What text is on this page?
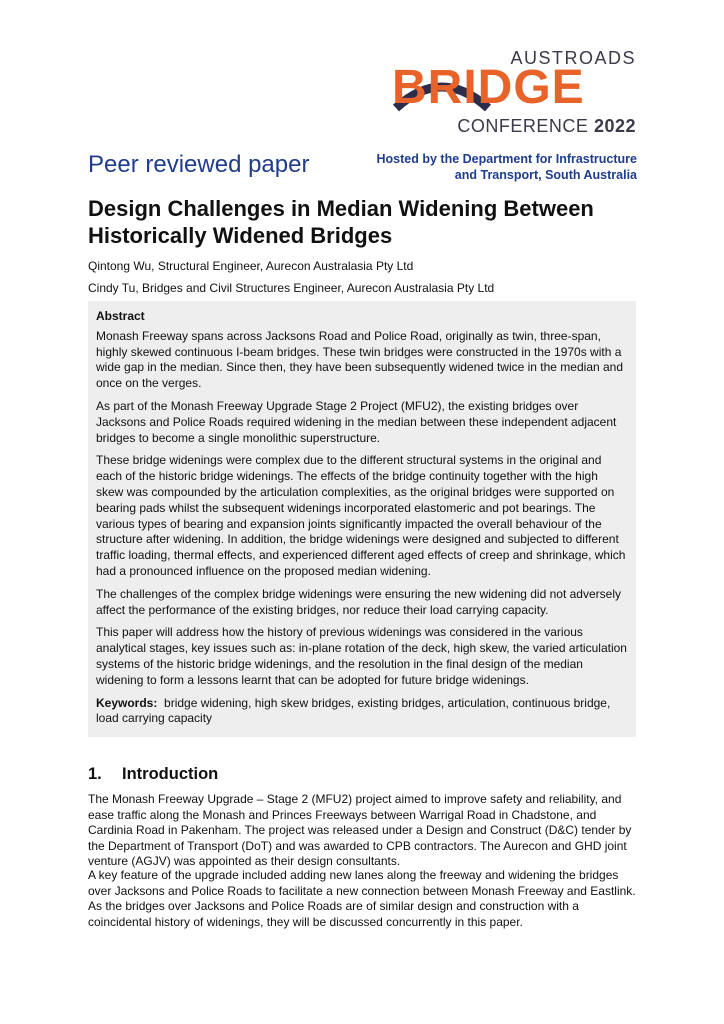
AUSTROADS
BRIDGE
CONFERENCE 2022
Peer reviewed paper	Hosted by the Department for Infrastructure
and Transport, South Australia
Design Challenges in Median Widening Between Historically Widened Bridges
Qintong Wu, Structural Engineer, Aurecon Australasia Pty Ltd
Cindy Tu, Bridges and Civil Structures Engineer, Aurecon Australasia Pty Ltd
Abstract

Monash Freeway spans across Jacksons Road and Police Road, originally as twin, three-span, highly skewed continuous I-beam bridges. These twin bridges were constructed in the 1970s with a wide gap in the median. Since then, they have been subsequently widened twice in the median and once on the verges.

As part of the Monash Freeway Upgrade Stage 2 Project (MFU2), the existing bridges over Jacksons and Police Roads required widening in the median between these independent adjacent bridges to become a single monolithic superstructure.

These bridge widenings were complex due to the different structural systems in the original and each of the historic bridge widenings. The effects of the bridge continuity together with the high skew was compounded by the articulation complexities, as the original bridges were supported on bearing pads whilst the subsequent widenings incorporated elastomeric and pot bearings. The various types of bearing and expansion joints significantly impacted the overall behaviour of the structure after widening. In addition, the bridge widenings were designed and subjected to different traffic loading, thermal effects, and experienced different aged effects of creep and shrinkage, which had a pronounced influence on the proposed median widening.

The challenges of the complex bridge widenings were ensuring the new widening did not adversely affect the performance of the existing bridges, nor reduce their load carrying capacity.

This paper will address how the history of previous widenings was considered in the various analytical stages, key issues such as: in-plane rotation of the deck, high skew, the varied articulation systems of the historic bridge widenings, and the resolution in the final design of the median widening to form a lessons learnt that can be adopted for future bridge widenings.

Keywords: bridge widening, high skew bridges, existing bridges, articulation, continuous bridge, load carrying capacity

1. Introduction

The Monash Freeway Upgrade – Stage 2 (MFU2) project aimed to improve safety and reliability, and ease traffic along the Monash and Princes Freeways between Warrigal Road in Chadstone, and Cardinia Road in Pakenham. The project was released under a Design and Construct (D&C) tender by the Department of Transport (DoT) and was awarded to CPB contractors. The Aurecon and GHD joint venture (AGJV) was appointed as their design consultants.

A key feature of the upgrade included adding new lanes along the freeway and widening the bridges over Jacksons and Police Roads to facilitate a new connection between Monash Freeway and Eastlink. As the bridges over Jacksons and Police Roads are of similar design and construction with a coincidental history of widenings, they will be discussed concurrently in this paper.
